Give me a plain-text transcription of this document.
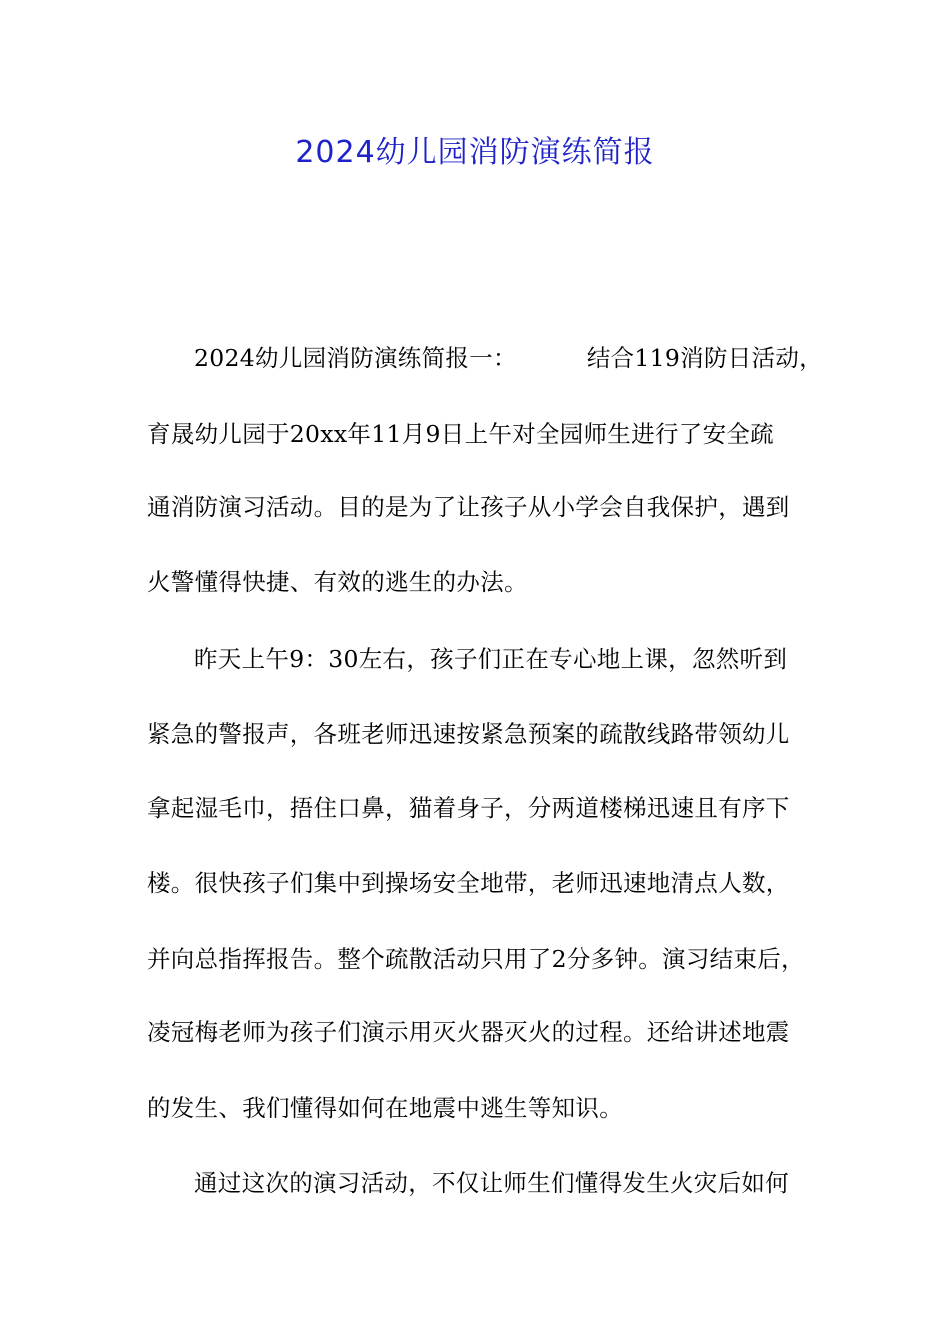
2024幼儿园消防演练简报
2024幼儿园消防演练简报一：	结合119消防日活动，
育晟幼儿园于20xx年11月9日上午对全园师生进行了安全疏
通消防演习活动。目的是为了让孩子从小学会自我保护，遇到
火警懂得快捷、有效的逃生的办法。
昨天上午9：30左右，孩子们正在专心地上课，忽然听到
紧急的警报声，各班老师迅速按紧急预案的疏散线路带领幼儿
拿起湿毛巾，捂住口鼻，猫着身子，分两道楼梯迅速且有序下
楼。很快孩子们集中到操场安全地带，老师迅速地清点人数，
并向总指挥报告。整个疏散活动只用了2分多钟。演习结束后，
凌冠梅老师为孩子们演示用灭火器灭火的过程。还给讲述地震
的发生、我们懂得如何在地震中逃生等知识。
通过这次的演习活动，不仅让师生们懂得发生火灾后如何
